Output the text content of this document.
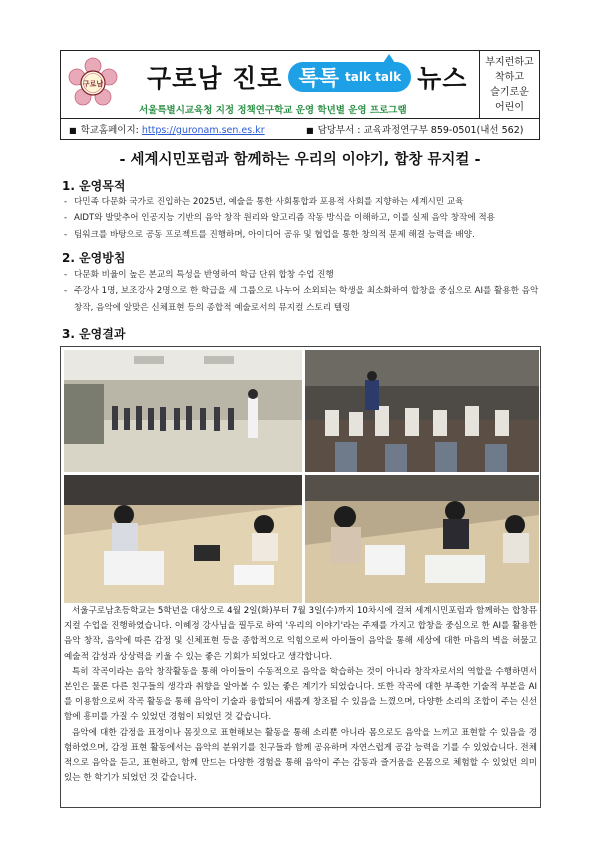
구로남 구로남 진로 톡톡 talk talk 뉴스
서울특별시교육청 지정 정책연구학교 운영 학년별 운영 프로그램
부지런하고
착하고
슬기로운
어린이
■ 학교홈페이지: https://guronam.sen.es.kr	■ 담당부서 : 교육과정연구부 859-0501(내선 562)
- 세계시민포럼과 함께하는 우리의 이야기, 합창 뮤지컬 -
1. 운영목적
- 다민족 다문화 국가로 진입하는 2025년, 예술을 통한 사회통합과 포용적 사회를 지향하는 세계시민 교육
- AIDT와 발맞추어 인공지능 기반의 음악 창작 원리와 알고리즘 작동 방식을 이해하고, 이를 실제 음악 창작에 적용
- 팀워크를 바탕으로 공동 프로젝트를 진행하며, 아이디어 공유 및 협업을 통한 창의적 문제 해결 능력을 배양.
2. 운영방침
- 다문화 비율이 높은 본교의 특성을 반영하여 학급 단위 합창 수업 진행
- 주강사 1명, 보조강사 2명으로 한 학급을 세 그룹으로 나누어 소외되는 학생을 최소화하여 합창을 중심으로 AI를 활용한 음악 창작, 음악에 알맞은 신체표현 등의 종합적 예술로서의 뮤지컬 스토리 텔링
3. 운영결과

서울구로남초등학교는 5학년을 대상으로 4월 2일(화)부터 7월 3일(수)까지 10차시에 걸쳐 세계시민포럼과 함께하는 합창뮤지컬 수업을 진행하였습니다. 이혜정 강사님을 필두로 하여 '우리의 이야기'라는 주제를 가지고 합창을 중심으로 한 AI를 활용한 음악 창작, 음악에 따른 감정 및 신체표현 등을 종합적으로 익힘으로써 아이들이 음악을 통해 세상에 대한 마음의 벽을 허물고 예술적 감성과 상상력을 키울 수 있는 좋은 기회가 되었다고 생각합니다.

특히 작곡이라는 음악 창작활동을 통해 아이들이 수동적으로 음악을 학습하는 것이 아니라 창작자로서의 역할을 수행하면서 본인은 물론 다른 친구들의 생각과 취향을 알아볼 수 있는 좋은 계기가 되었습니다. 또한 작곡에 대한 부족한 기술적 부분을 AI를 이용함으로써 작곡 활동을 통해 음악이 기술과 융합되어 새롭게 창조될 수 있음을 느꼈으며, 다양한 소리의 조합이 주는 신선함에 흥미를 가질 수 있었던 경험이 되었던 것 같습니다.

음악에 대한 감정을 표정이나 몸짓으로 표현해보는 활동을 통해 소리뿐 아니라 몸으로도 음악을 느끼고 표현할 수 있음을 경험하였으며, 감정 표현 활동에서는 음악의 분위기를 친구들과 함께 공유하며 자연스럽게 공감 능력을 기를 수 있었습니다. 전체적으로 음악을 듣고, 표현하고, 함께 만드는 다양한 경험을 통해 음악이 주는 감동과 즐거움을 온몸으로 체험할 수 있었던 의미있는 한 학기가 되었던 것 같습니다.
